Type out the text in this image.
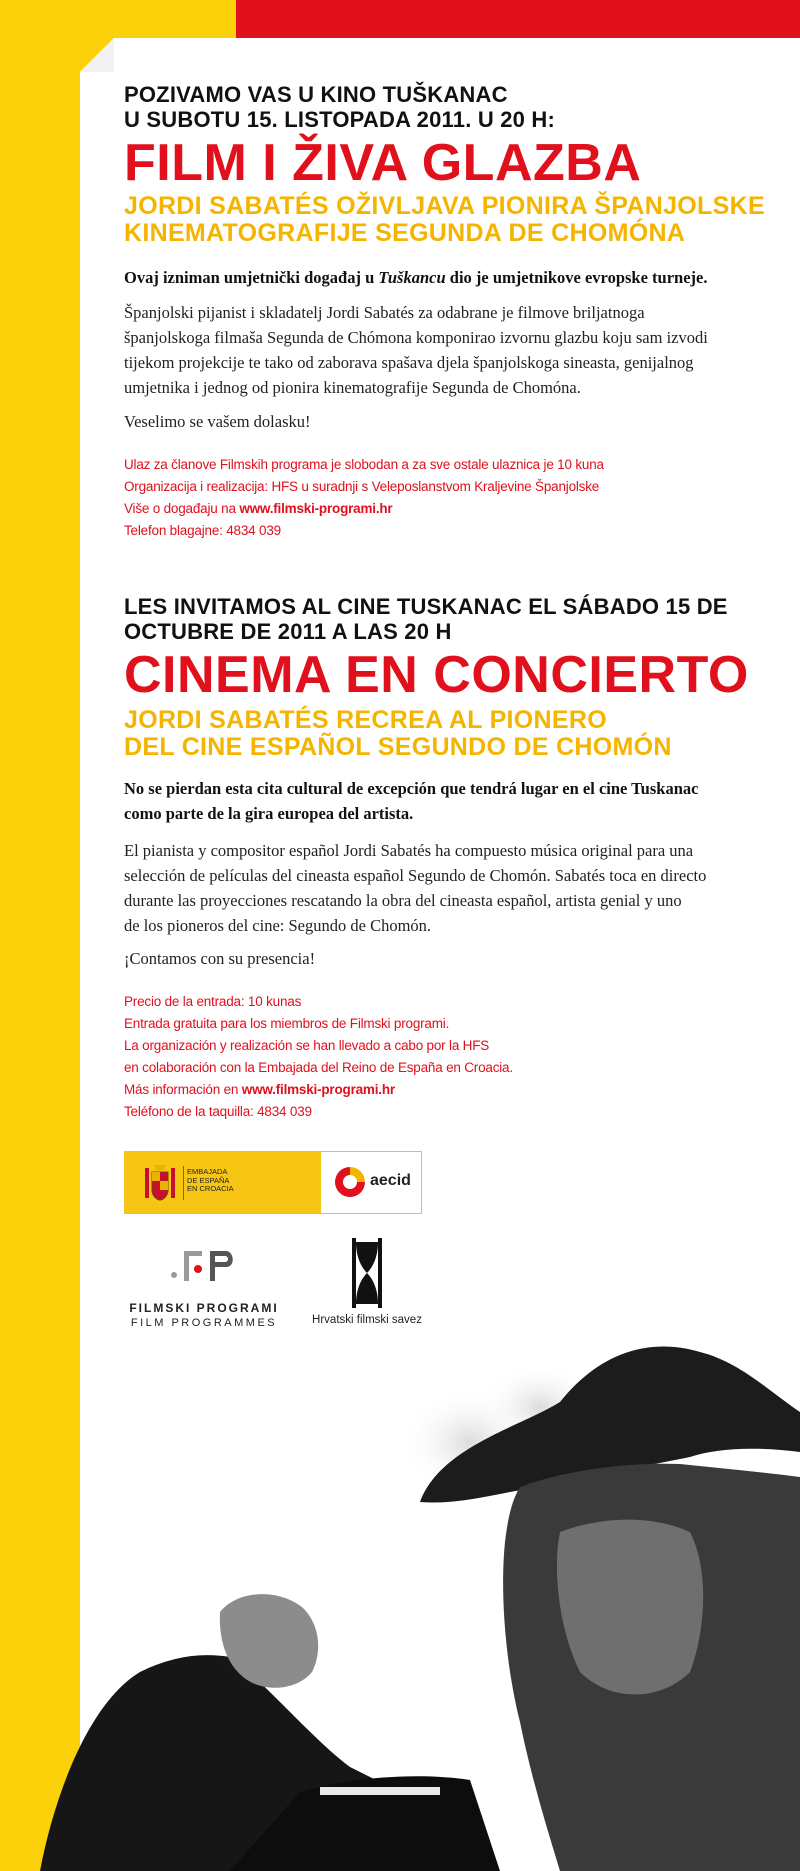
POZIVAMO VAS U KINO TUŠKANAC
U SUBOTU 15. LISTOPADA 2011. U 20 H:
FILM I ŽIVA GLAZBA
JORDI SABATÉS OŽIVLJAVA PIONIRA ŠPANJOLSKE
KINEMATOGRAFIJE SEGUNDA DE CHOMÓNA
Ovaj izniman umjetnički događaj u Tuškancu dio je umjetnikove evropske turneje.
Španjolski pijanist i skladatelj Jordi Sabatés za odabrane je filmove briljatnoga
španjolskoga filmaša Segunda de Chómona komponirao izvornu glazbu koju sam izvodi
tijekom projekcije te tako od zaborava spašava djela španjolskoga sineasta, genijalnog
umjetnika i jednog od pionira kinematografije Segunda de Chomóna.
Veselimo se vašem dolasku!
Ulaz za članove Filmskih programa je slobodan a za sve ostale ulaznica je 10 kuna
Organizacija i realizacija: HFS u suradnji s Veleposlanstvom Kraljevine Španjolske
Više o događaju na www.filmski-programi.hr
Telefon blagajne: 4834 039
LES INVITAMOS AL CINE TUSKANAC EL SÁBADO 15 DE
OCTUBRE DE 2011 A LAS 20 H
CINEMA EN CONCIERTO
JORDI SABATÉS RECREA AL PIONERO
DEL CINE ESPAÑOL SEGUNDO DE CHOMÓN
No se pierdan esta cita cultural de excepción que tendrá lugar en el cine Tuskanac
como parte de la gira europea del artista.
El pianista y compositor español Jordi Sabatés ha compuesto música original para una
selección de películas del cineasta español Segundo de Chomón. Sabatés toca en directo
durante las proyecciones rescatando la obra del cineasta español, artista genial y uno
de los pioneros del cine: Segundo de Chomón.
¡Contamos con su presencia!
Precio de la entrada: 10 kunas
Entrada gratuita para los miembros de Filmski programi.
La organización y realización se han llevado a cabo por la HFS
en colaboración con la Embajada del Reino de España en Croacia.
Más información en www.filmski-programi.hr
Teléfono de la taquilla: 4834 039
EMBAJADA
DE ESPAÑA
EN CROACIA	aecid
FILMSKI PROGRAMI
FILM PROGRAMMES	Hrvatski filmski savez
